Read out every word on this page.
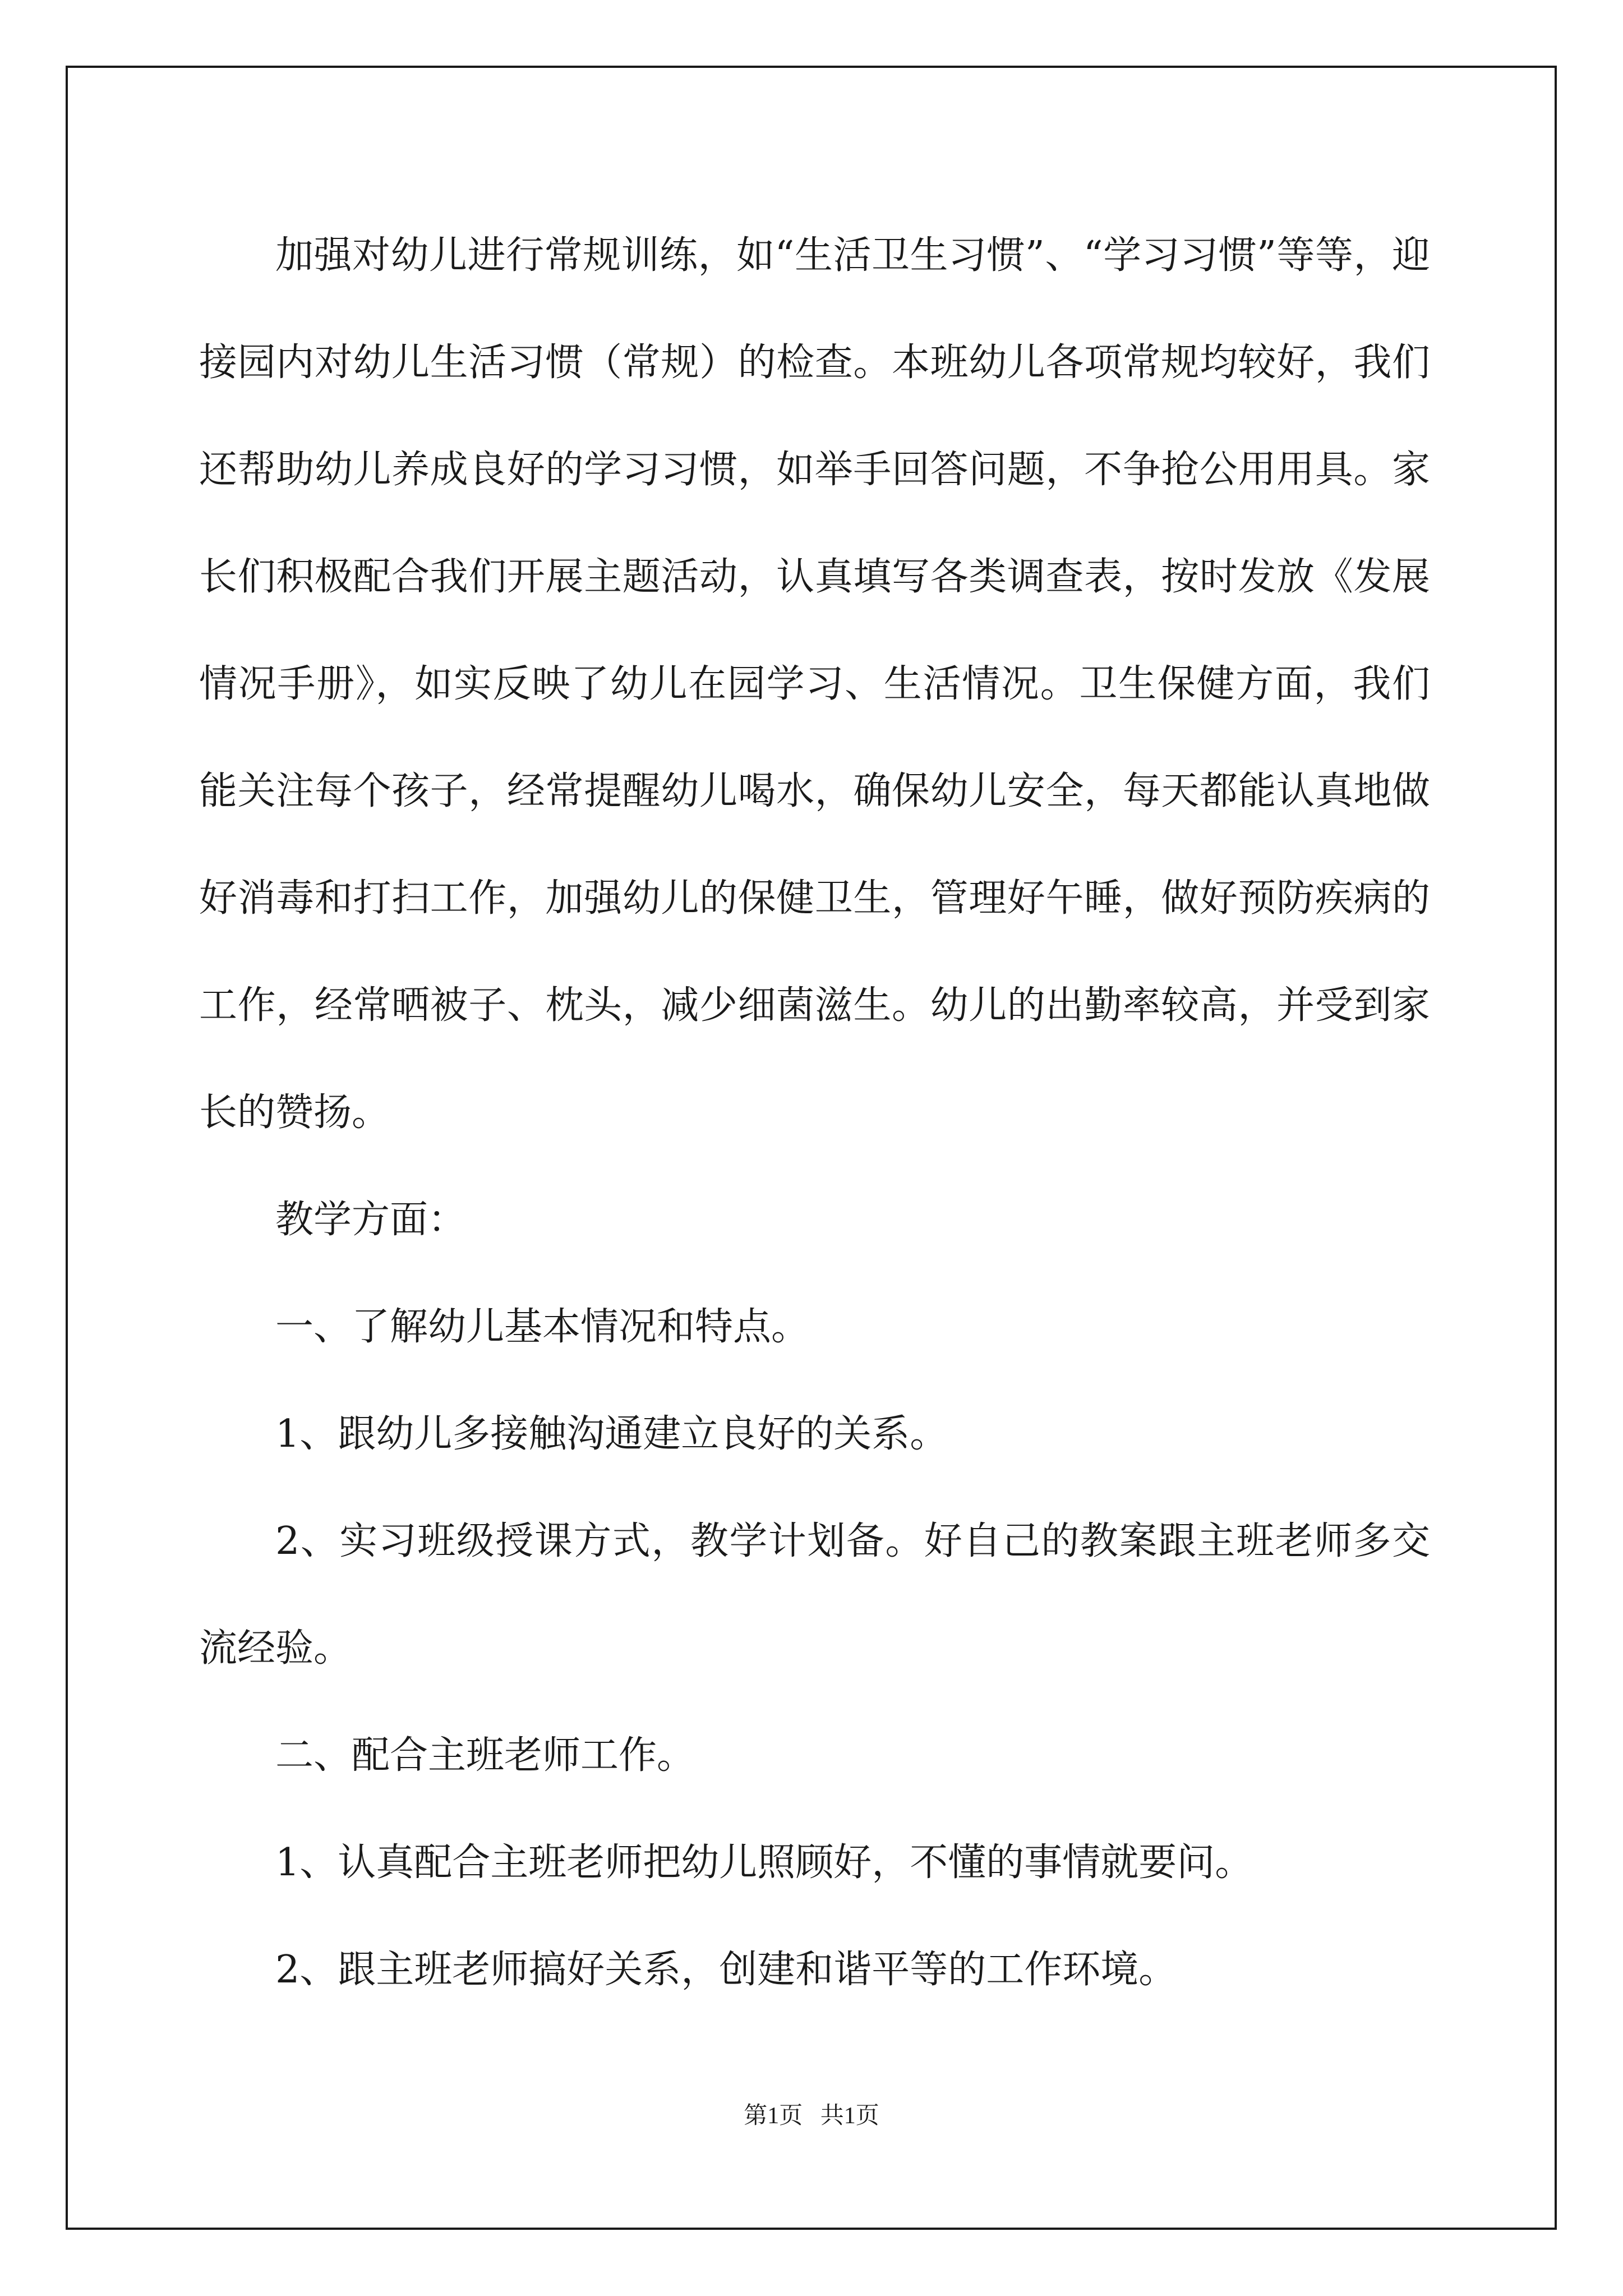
加强对幼儿进行常规训练，如“生活卫生习惯”、“学习习惯”等等，迎接园内对幼儿生活习惯（常规）的检查。本班幼儿各项常规均较好，我们还帮助幼儿养成良好的学习习惯，如举手回答问题，不争抢公用用具。家长们积极配合我们开展主题活动，认真填写各类调查表，按时发放《发展情况手册》，如实反映了幼儿在园学习、生活情况。卫生保健方面，我们能关注每个孩子，经常提醒幼儿喝水，确保幼儿安全，每天都能认真地做好消毒和打扫工作，加强幼儿的保健卫生，管理好午睡，做好预防疾病的工作，经常晒被子、枕头，减少细菌滋生。幼儿的出勤率较高，并受到家长的赞扬。

教学方面：

一、了解幼儿基本情况和特点。

1、跟幼儿多接触沟通建立良好的关系。

2、实习班级授课方式，教学计划备。好自己的教案跟主班老师多交流经验。

二、配合主班老师工作。

1、认真配合主班老师把幼儿照顾好，不懂的事情就要问。

2、跟主班老师搞好关系，创建和谐平等的工作环境。

第1页   共1页
